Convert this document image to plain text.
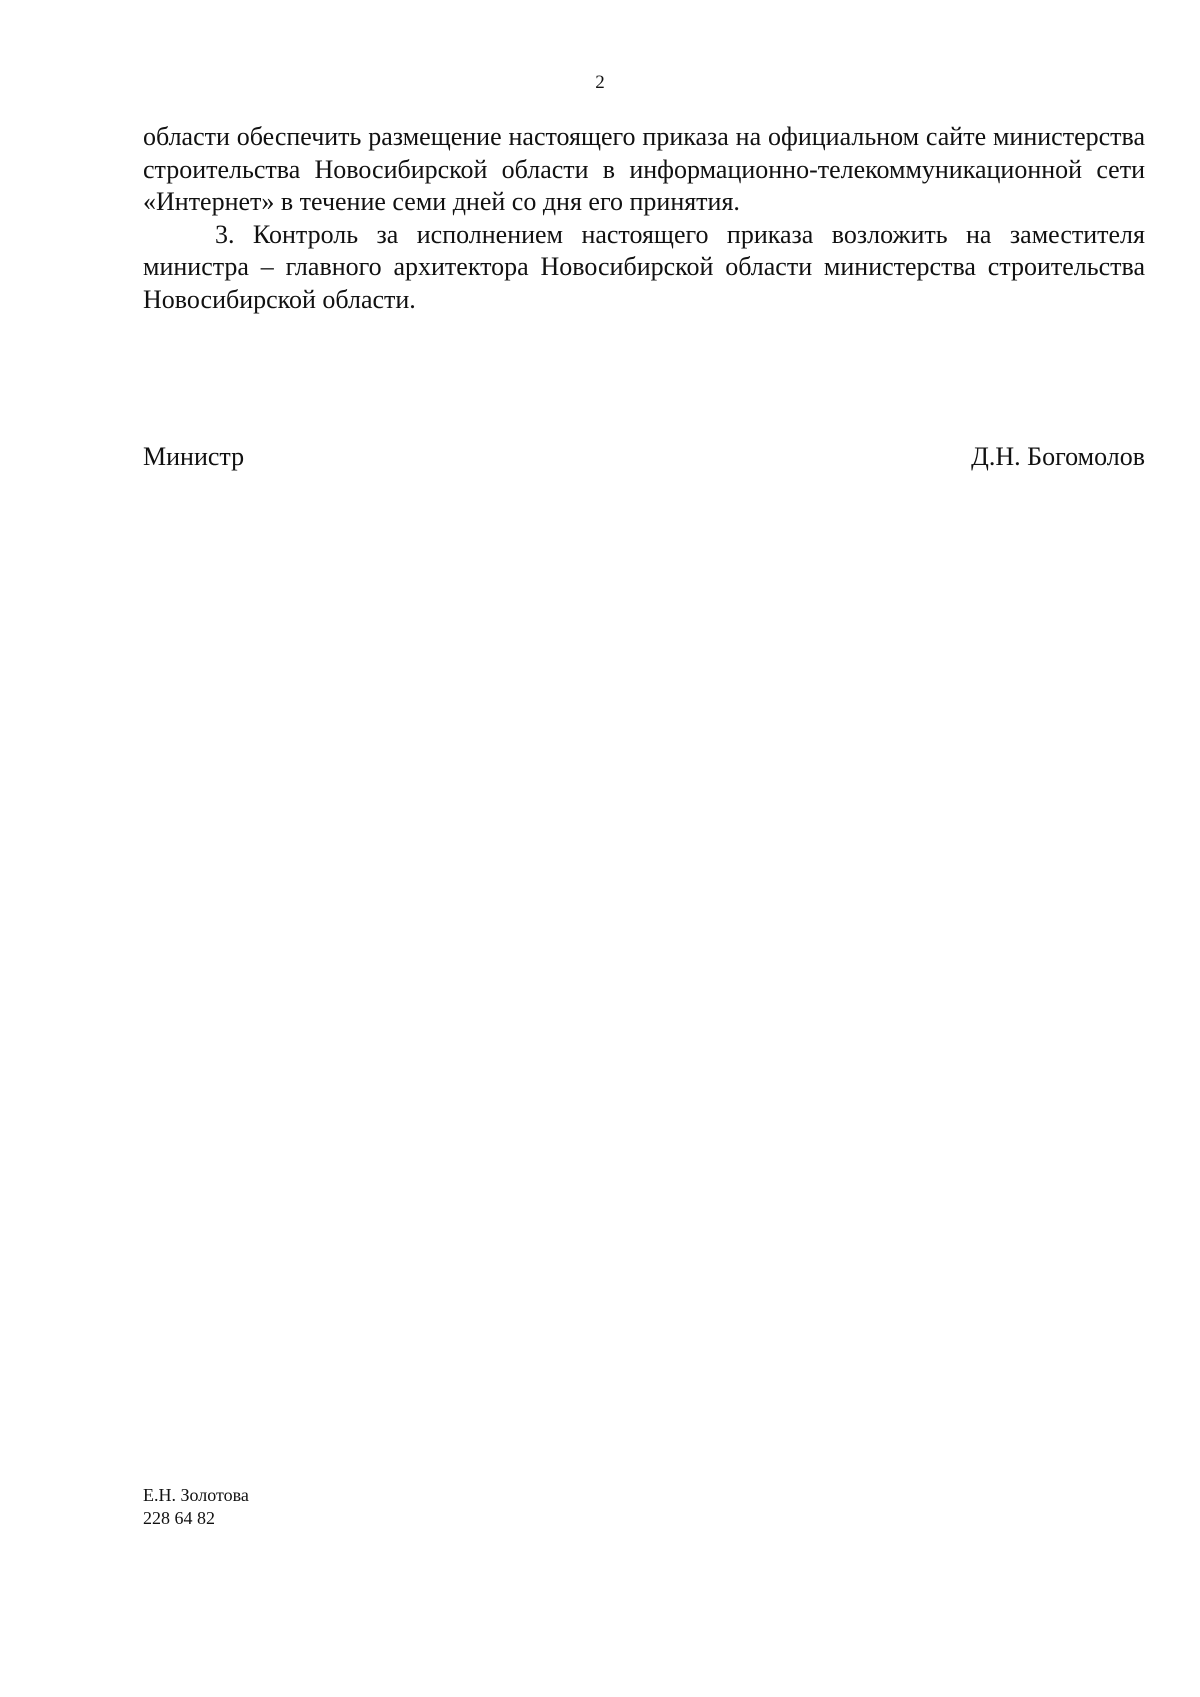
2

области обеспечить размещение настоящего приказа на официальном сайте министерства строительства Новосибирской области в информационно-телекоммуникационной сети «Интернет» в течение семи дней со дня его принятия.

3. Контроль за исполнением настоящего приказа возложить на заместителя министра – главного архитектора Новосибирской области министерства строительства Новосибирской области.

Министр	Д.Н. Богомолов
Е.Н. Золотова
228 64 82
